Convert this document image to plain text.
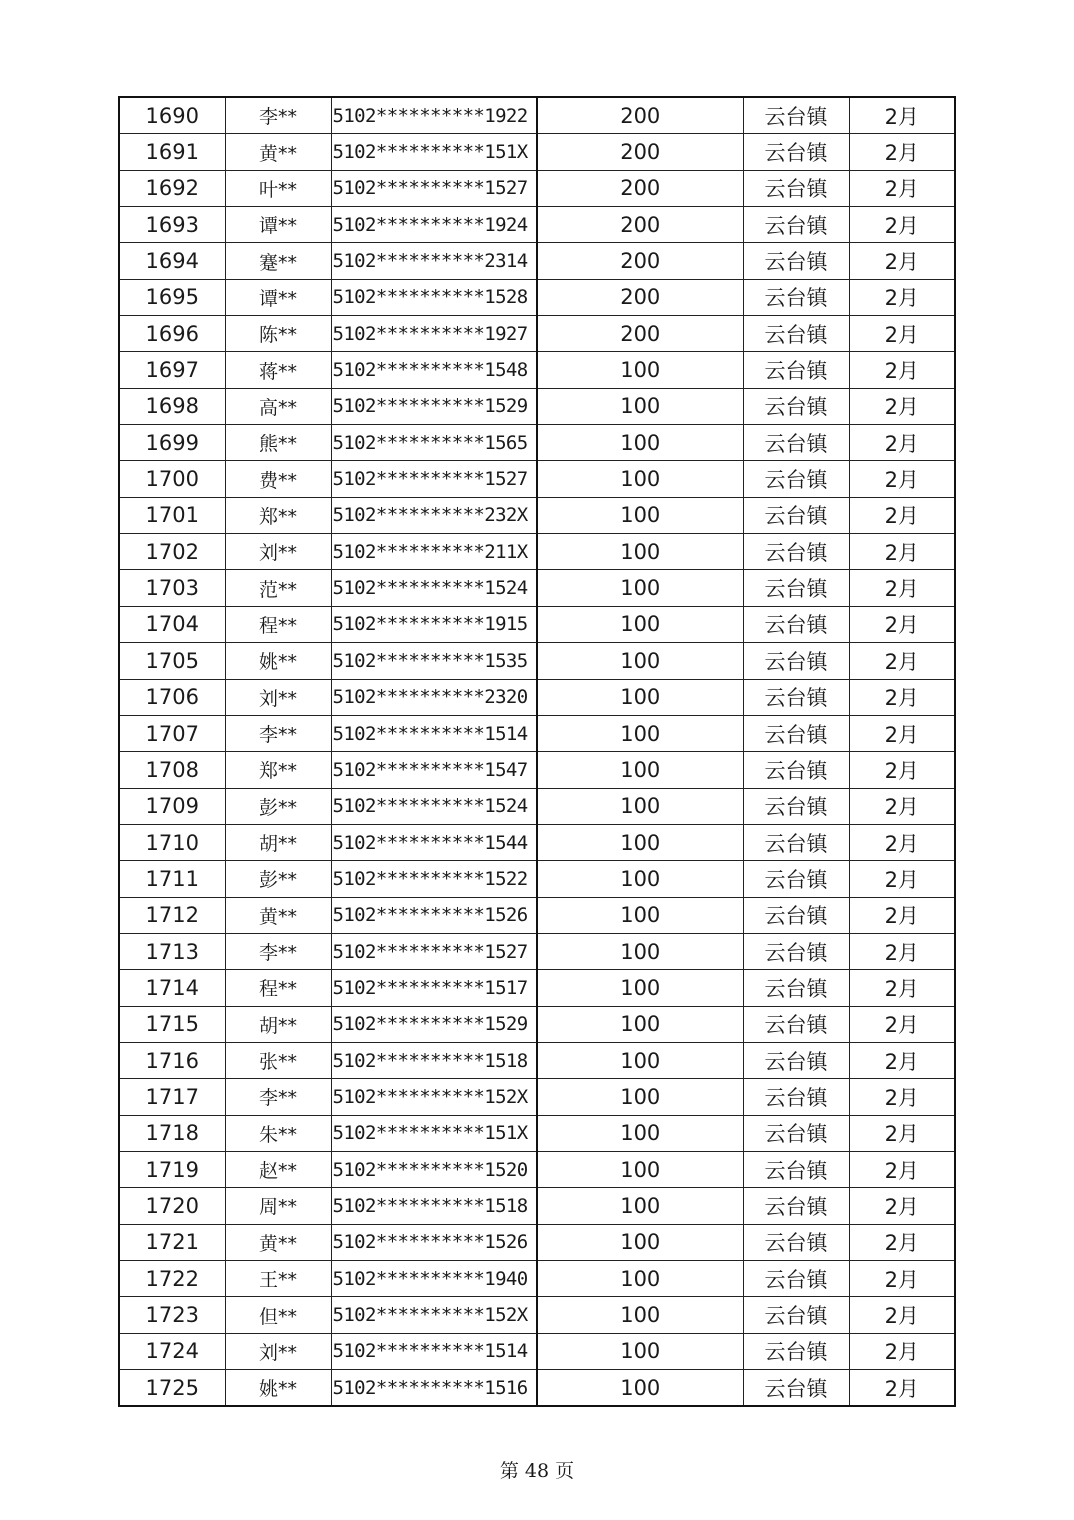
1690	李**	5102**********1922	200	云台镇	2月
1691	黄**	5102**********151X	200	云台镇	2月
1692	叶**	5102**********1527	200	云台镇	2月
1693	谭**	5102**********1924	200	云台镇	2月
1694	蹇**	5102**********2314	200	云台镇	2月
1695	谭**	5102**********1528	200	云台镇	2月
1696	陈**	5102**********1927	200	云台镇	2月
1697	蒋**	5102**********1548	100	云台镇	2月
1698	高**	5102**********1529	100	云台镇	2月
1699	熊**	5102**********1565	100	云台镇	2月
1700	费**	5102**********1527	100	云台镇	2月
1701	郑**	5102**********232X	100	云台镇	2月
1702	刘**	5102**********211X	100	云台镇	2月
1703	范**	5102**********1524	100	云台镇	2月
1704	程**	5102**********1915	100	云台镇	2月
1705	姚**	5102**********1535	100	云台镇	2月
1706	刘**	5102**********2320	100	云台镇	2月
1707	李**	5102**********1514	100	云台镇	2月
1708	郑**	5102**********1547	100	云台镇	2月
1709	彭**	5102**********1524	100	云台镇	2月
1710	胡**	5102**********1544	100	云台镇	2月
1711	彭**	5102**********1522	100	云台镇	2月
1712	黄**	5102**********1526	100	云台镇	2月
1713	李**	5102**********1527	100	云台镇	2月
1714	程**	5102**********1517	100	云台镇	2月
1715	胡**	5102**********1529	100	云台镇	2月
1716	张**	5102**********1518	100	云台镇	2月
1717	李**	5102**********152X	100	云台镇	2月
1718	朱**	5102**********151X	100	云台镇	2月
1719	赵**	5102**********1520	100	云台镇	2月
1720	周**	5102**********1518	100	云台镇	2月
1721	黄**	5102**********1526	100	云台镇	2月
1722	王**	5102**********1940	100	云台镇	2月
1723	但**	5102**********152X	100	云台镇	2月
1724	刘**	5102**********1514	100	云台镇	2月
1725	姚**	5102**********1516	100	云台镇	2月
第 48 页
